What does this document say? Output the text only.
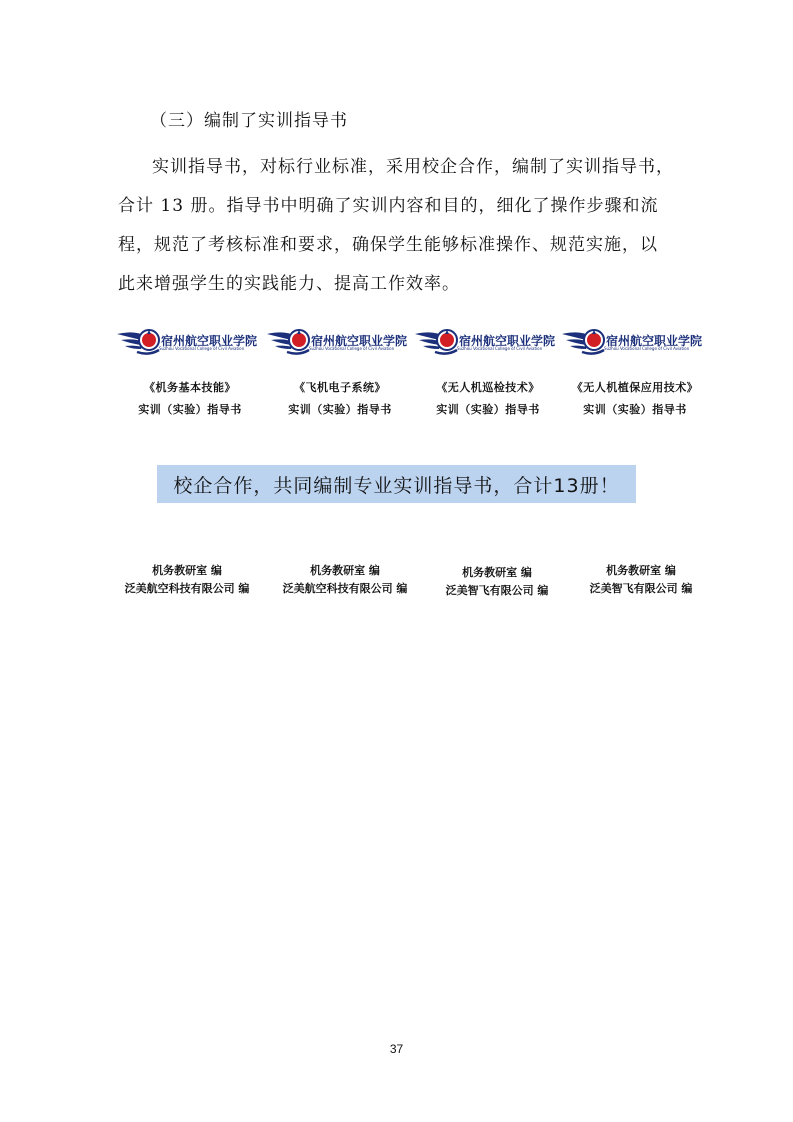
（三）编制了实训指导书
实训指导书，对标行业标准，采用校企合作，编制了实训指导书，
合计 13 册。指导书中明确了实训内容和目的，细化了操作步骤和流
程，规范了考核标准和要求，确保学生能够标准操作、规范实施，以
此来增强学生的实践能力、提高工作效率。
宿州航空职业学院
Suzhou Vocational College of Civil Aviation
《机务基本技能》
实训（实验）指导书
宿州航空职业学院
Suzhou Vocational College of Civil Aviation
《飞机电子系统》
实训（实验）指导书
宿州航空职业学院
Suzhou Vocational College of Civil Aviation
《无人机巡检技术》
实训（实验）指导书
宿州航空职业学院
Suzhou Vocational College of Civil Aviation
《无人机植保应用技术》
实训（实验）指导书
校企合作，共同编制专业实训指导书，合计13册！
机务教研室 编
泛美航空科技有限公司 编
机务教研室 编
泛美航空科技有限公司 编
机务教研室 编
泛美智飞有限公司 编
机务教研室 编
泛美智飞有限公司 编
37
